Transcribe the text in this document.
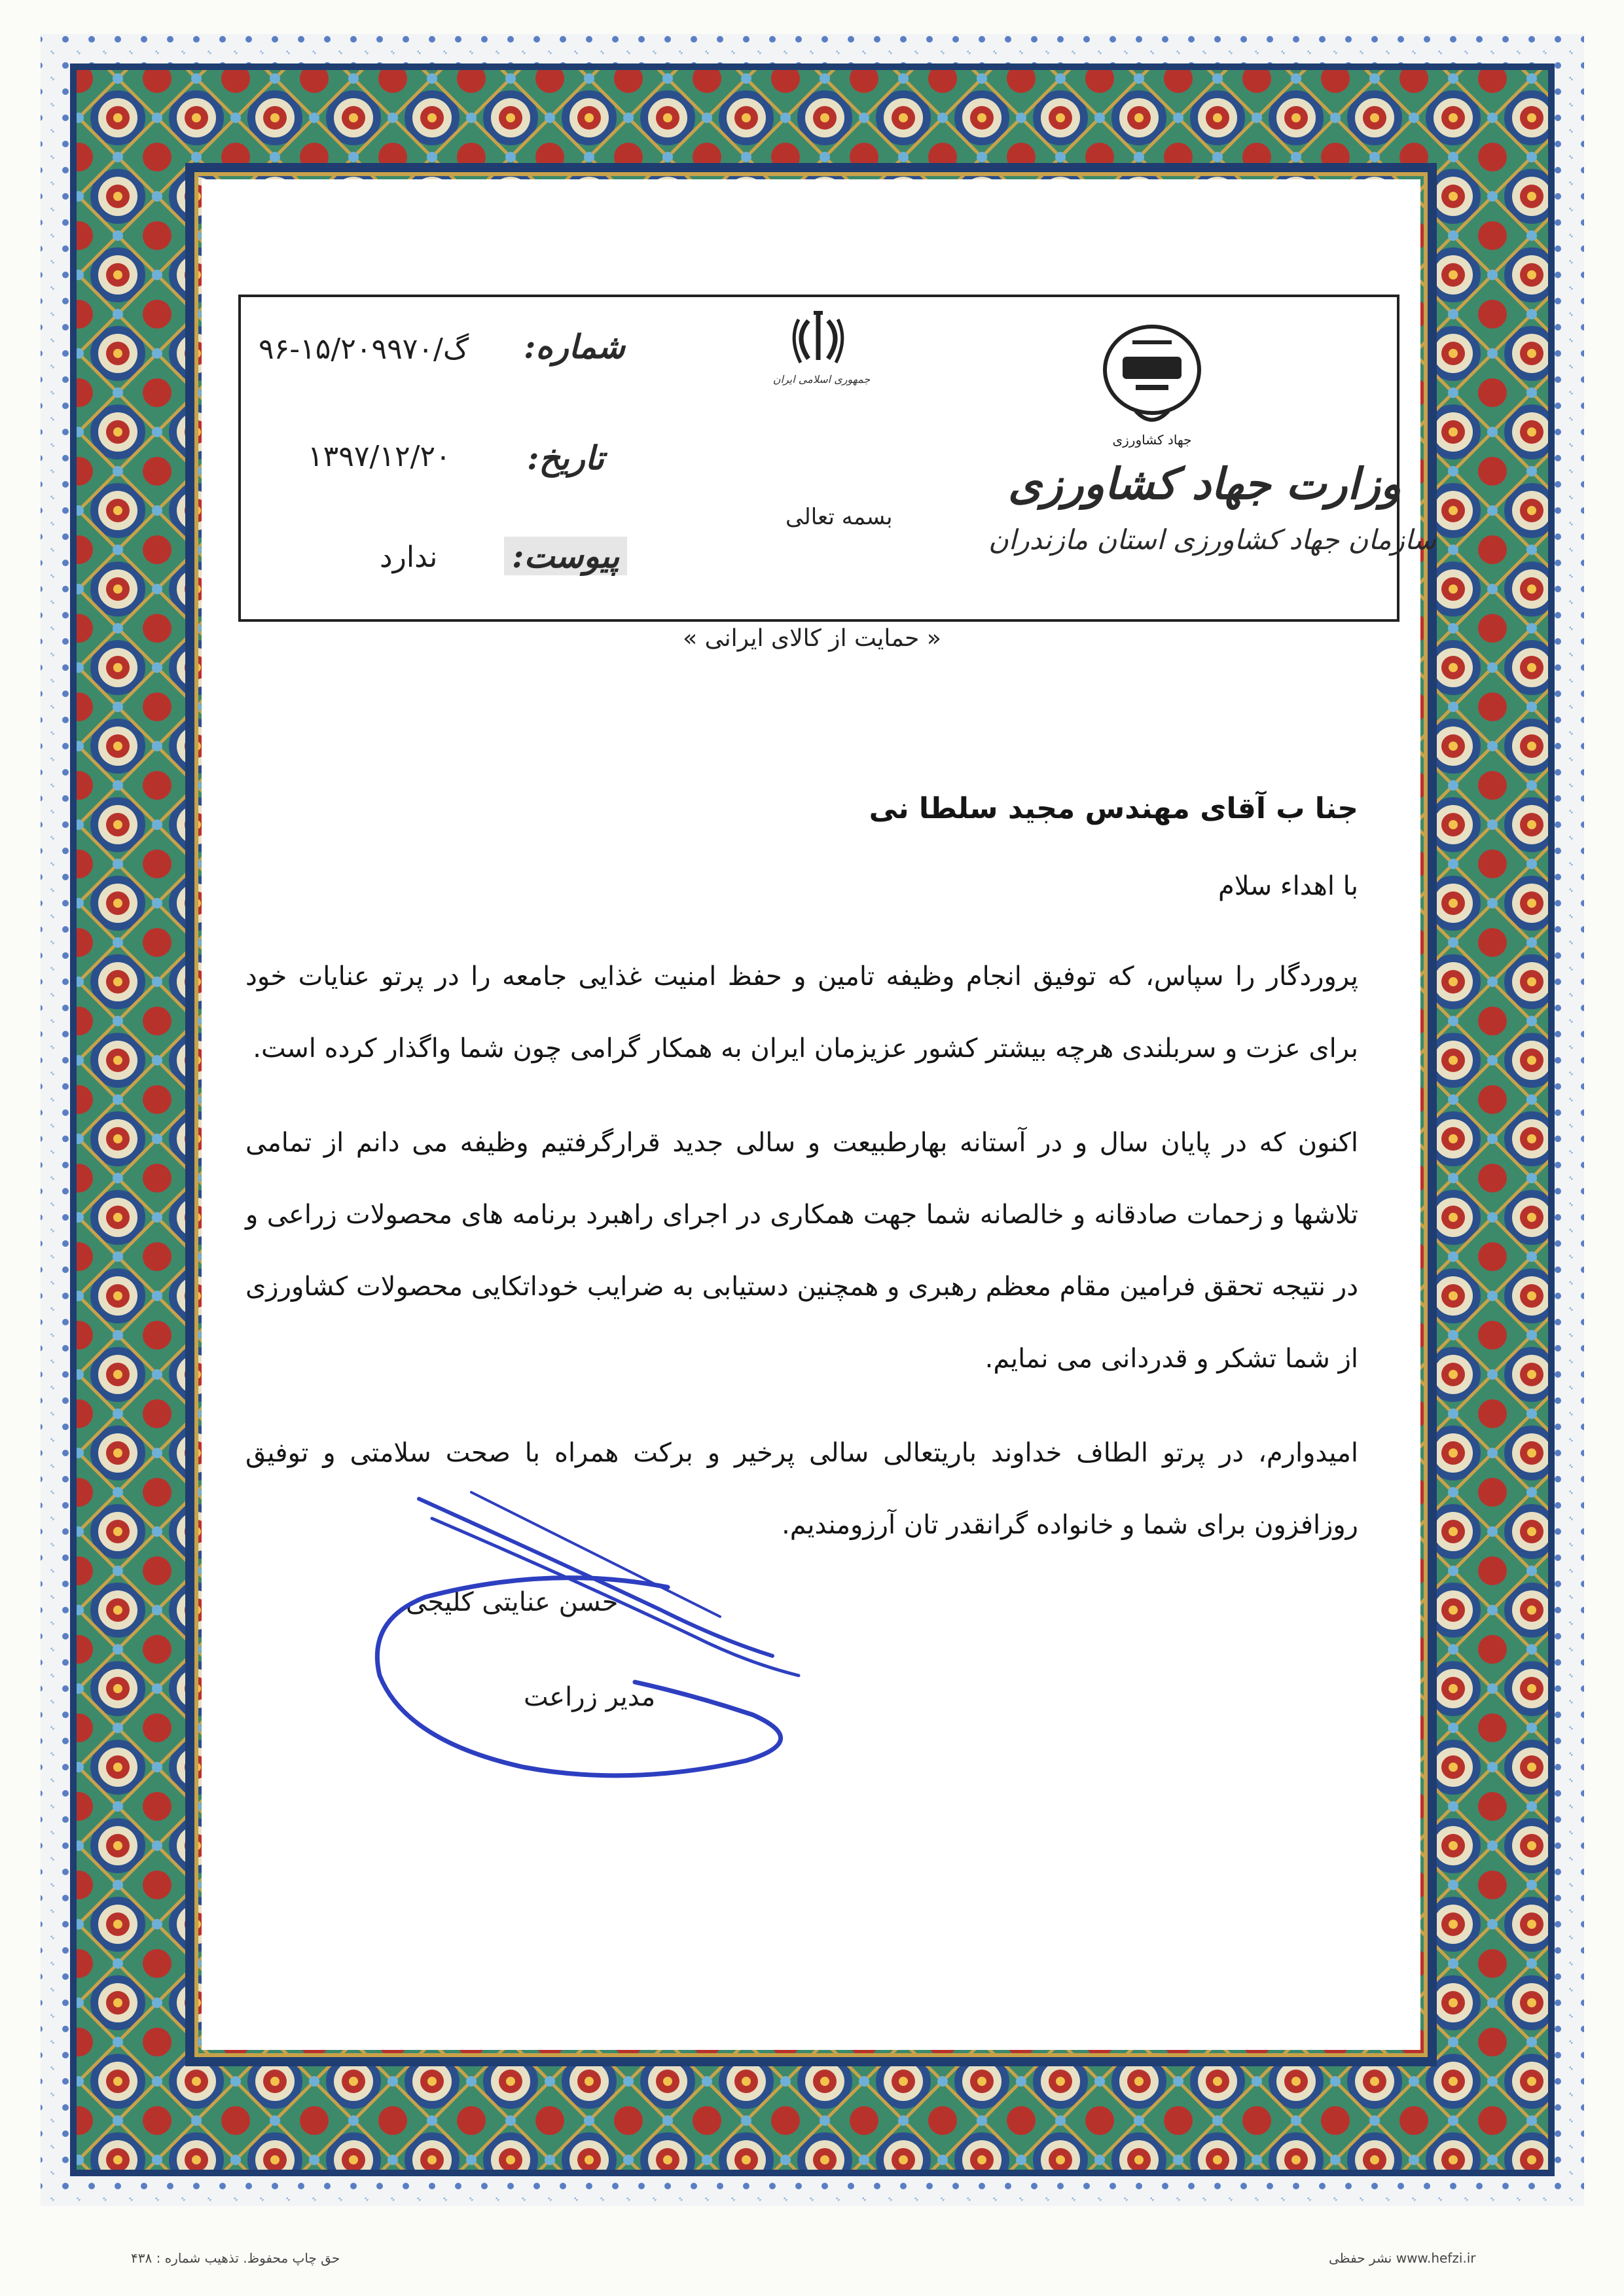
جهاد کشاورزی
جمهوری اسلامی ایران
وزارت جهاد کشاورزی
سازمان جهاد کشاورزی استان مازندران
بسمه تعالی
شماره:
۹۶-گ/۱۵/۲۰۹۹۷۰
تاریخ:
۱۳۹۷/۱۲/۲۰
پیوست:
ندارد
« حمایت از کالای ایرانی »

جنا ب آقای مهندس مجید سلطا نی

با اهداء سلام

پروردگار را سپاس، که توفیق انجام وظیفه تامین و حفظ امنیت غذایی جامعه را در پرتو عنایات خود برای عزت و سربلندی هرچه بیشتر کشور عزیزمان ایران به همکار گرامی چون شما واگذار کرده است.

اکنون که در پایان سال و در آستانه بهارطبیعت و سالی جدید قرارگرفتیم وظیفه می دانم از تمامی تلاشها و زحمات صادقانه و خالصانه شما جهت همکاری در اجرای راهبرد برنامه های محصولات زراعی و در نتیجه تحقق فرامین مقام معظم رهبری و همچنین دستیابی به ضرایب خوداتکایی محصولات کشاورزی از شما تشکر و قدردانی می نمایم.

امیدوارم، در پرتو الطاف خداوند باریتعالی سالی پرخیر و برکت همراه با صحت سلامتی و توفیق روزافزون برای شما و خانواده گرانقدر تان آرزومندیم.

حسن عنایتی کلیجی
مدیر زراعت
حق چاپ محفوظ. تذهیب شماره : ۴۳۸	www.hefzi.ir نشر حفظی
